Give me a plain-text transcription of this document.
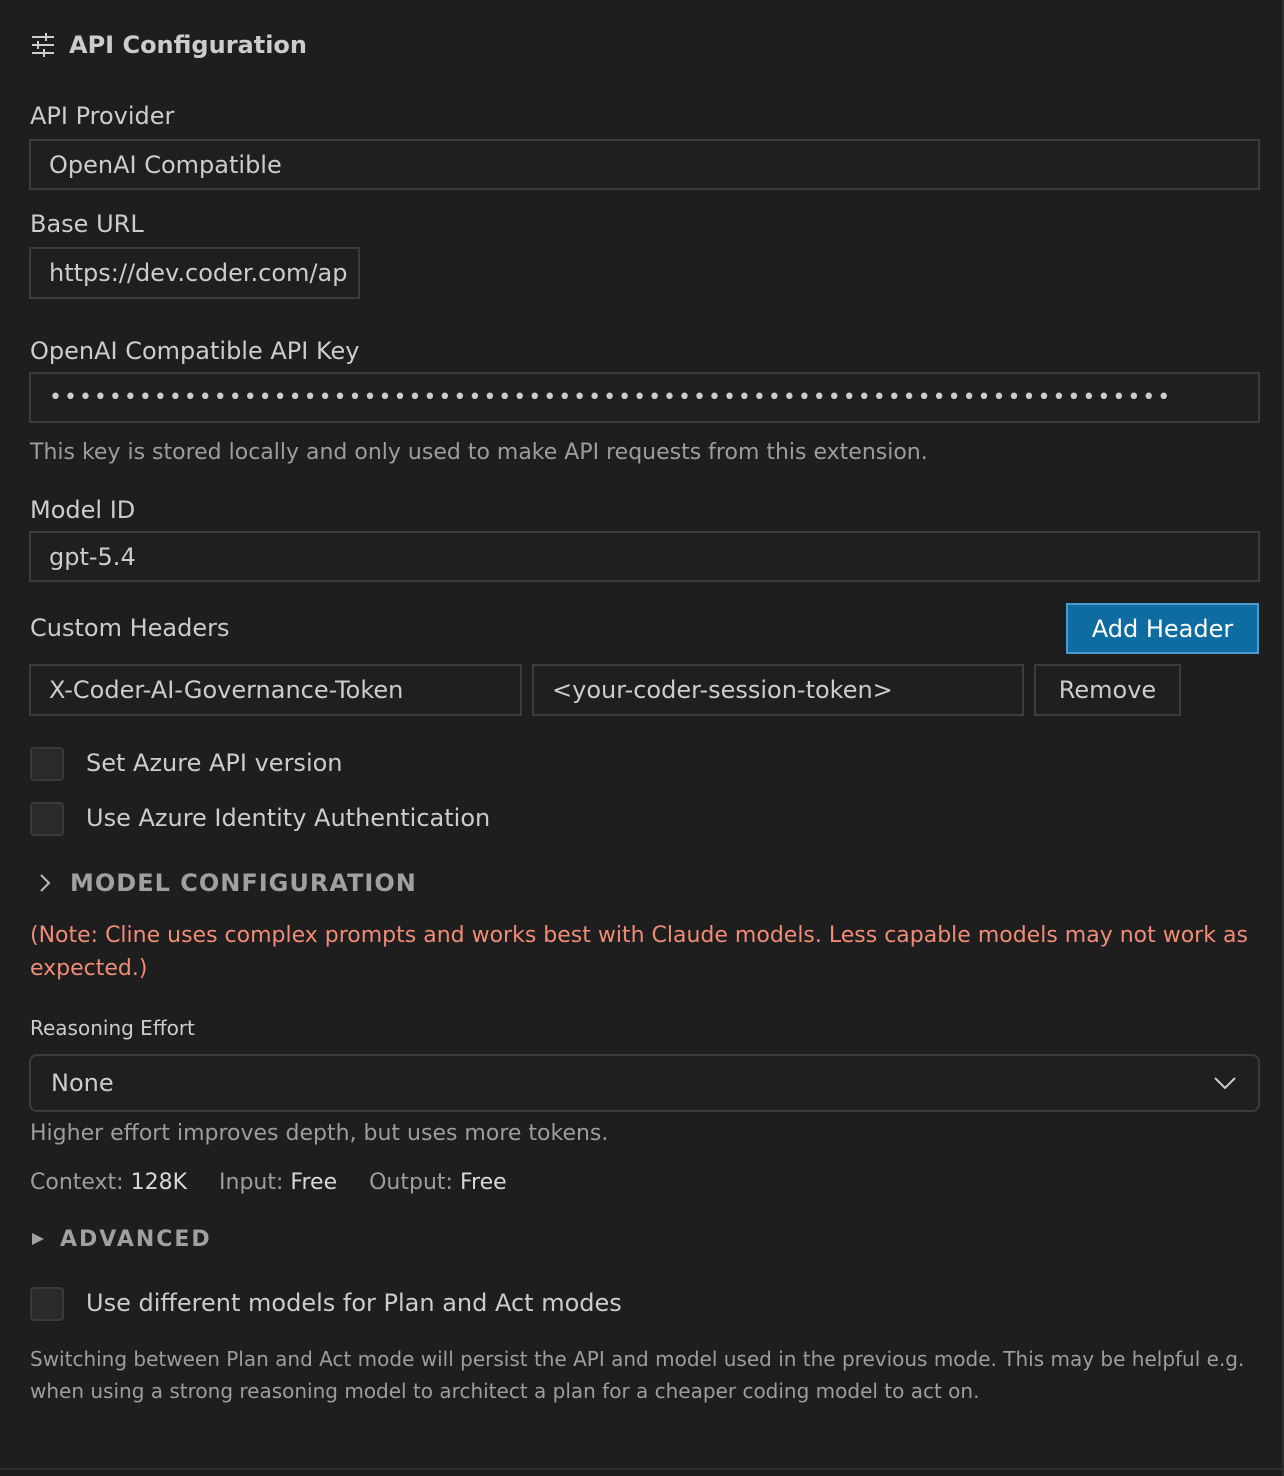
API Configuration
API Provider
OpenAI Compatible
Base URL
https://dev.coder.com/ap
OpenAI Compatible API Key
•••••••••••••••••••••••••••••••••••••••••••••••••••••••••••••••••••••••••••
This key is stored locally and only used to make API requests from this extension.
Model ID
gpt-5.4
Custom Headers	Add Header
X-Coder-AI-Governance-Token	<your-coder-session-token>	Remove
Set Azure API version
Use Azure Identity Authentication
MODEL CONFIGURATION
(Note: Cline uses complex prompts and works best with Claude models. Less capable models may not work as expected.)
Reasoning Effort
None
Higher effort improves depth, but uses more tokens.
Context: 128K Input: Free Output: Free
ADVANCED
Use different models for Plan and Act modes
Switching between Plan and Act mode will persist the API and model used in the previous mode. This may be helpful e.g. when using a strong reasoning model to architect a plan for a cheaper coding model to act on.
